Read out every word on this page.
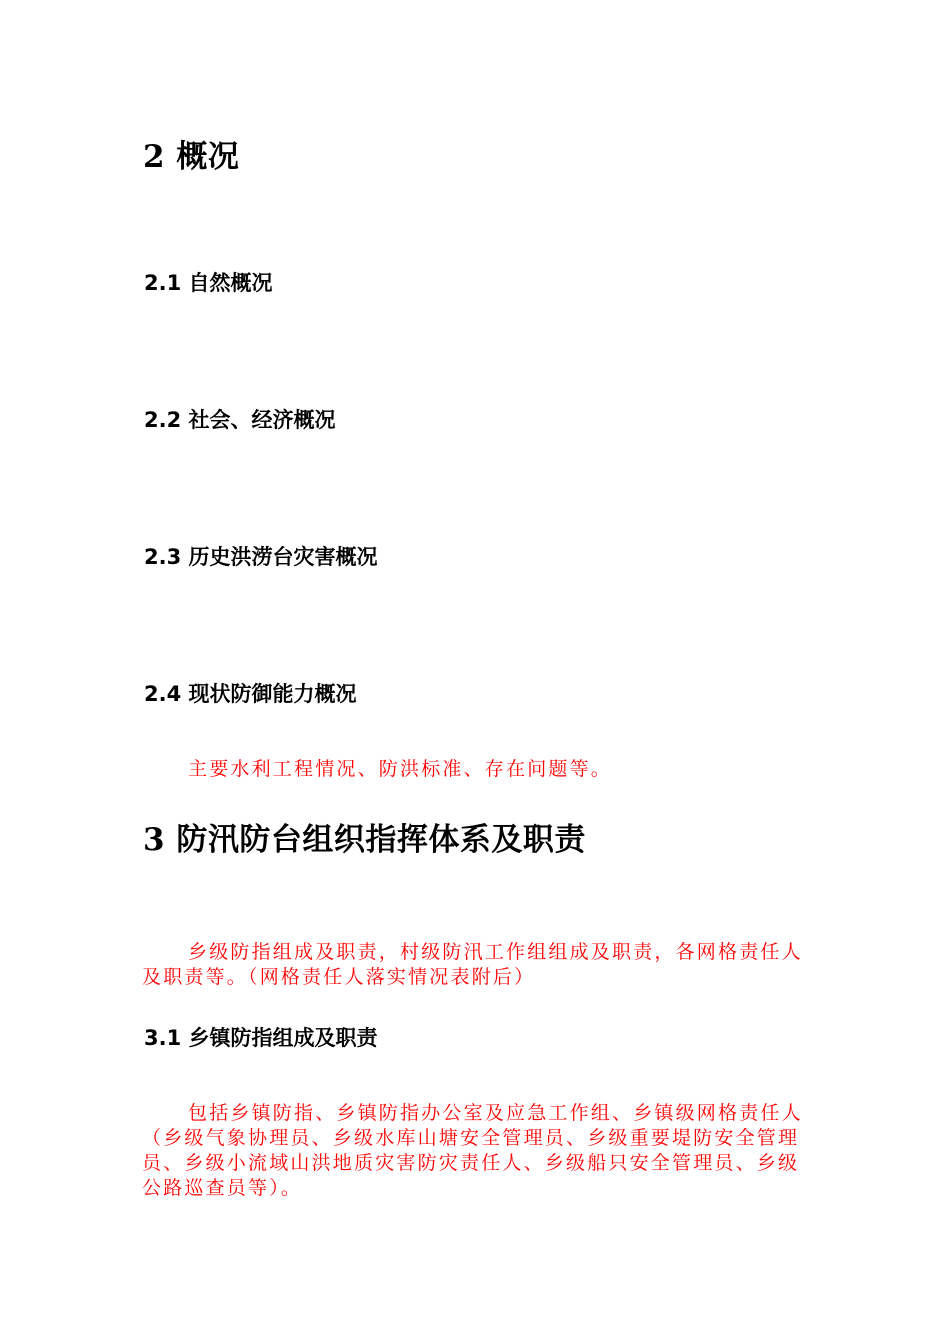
2 概况
2.1 自然概况
2.2 社会、经济概况
2.3 历史洪涝台灾害概况
2.4 现状防御能力概况

主要水利工程情况、防洪标准、存在问题等。

3 防汛防台组织指挥体系及职责

乡级防指组成及职责，村级防汛工作组组成及职责，各网格责任人及职责等。（网格责任人落实情况表附后）

3.1 乡镇防指组成及职责

包括乡镇防指、乡镇防指办公室及应急工作组、乡镇级网格责任人（乡级气象协理员、乡级水库山塘安全管理员、乡级重要堤防安全管理员、乡级小流域山洪地质灾害防灾责任人、乡级船只安全管理员、乡级公路巡查员等）。
